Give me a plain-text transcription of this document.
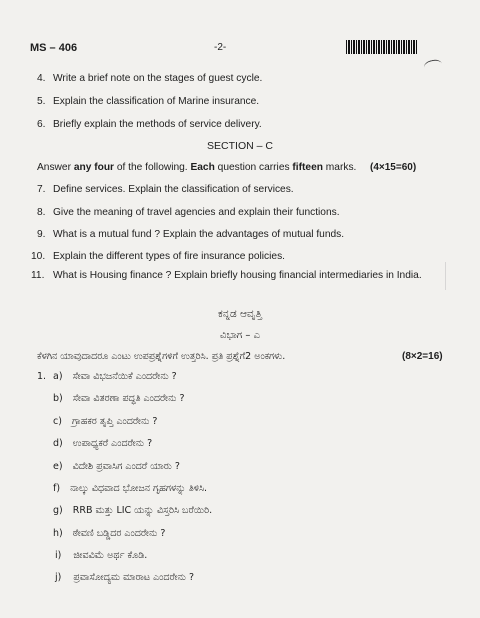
MS – 406	-2-
4. Write a brief note on the stages of guest cycle.
5. Explain the classification of Marine insurance.
6. Briefly explain the methods of service delivery.
SECTION – C
Answer any four of the following. Each question carries fifteen marks. (4×15=60)
7. Define services. Explain the classification of services.
8. Give the meaning of travel agencies and explain their functions.
9. What is a mutual fund ? Explain the advantages of mutual funds.
10. Explain the different types of fire insurance policies.
11. What is Housing finance ? Explain briefly housing financial intermediaries in India.
ಕನ್ನಡ ಆವೃತ್ತಿ
ವಿಭಾಗ – ಎ
ಕೆಳಗಿನ ಯಾವುದಾದರೂ ಎಂಟು ಉಪಪ್ರಶ್ನೆಗಳಿಗೆ ಉತ್ತರಿಸಿ. ಪ್ರತಿ ಪ್ರಶ್ನೆಗೆ2 ಅಂಕಗಳು.	(8×2=16)
1. a) ಸೇವಾ ವಿಭಜನೆಯಿಕೆ ಎಂದರೇನು ?
b) ಸೇವಾ ವಿತರಣಾ ಪದ್ಧತಿ ಎಂದರೇನು ?
c) ಗ್ರಾಹಕರ ತೃಪ್ತಿ ಎಂದರೇನು ?
d) ಉಪಾಧ್ಯಕರೆ ಎಂದರೇನು ?
e) ವಿದೇಶಿ ಪ್ರವಾಸಿಗ ಎಂದರೆ ಯಾರು ?
f) ನಾಲ್ಕು ವಿಧವಾದ ಭೋಜನ ಗೃಹಗಳನ್ನು ತಿಳಿಸಿ.
g) RRB ಮತ್ತು LIC ಯನ್ನು ವಿಸ್ತರಿಸಿ ಬರೆಯಿರಿ.
h) ಠೇವಣಿ ಬಡ್ಡಿದರ ಎಂದರೇನು ?
i) ಜೀವವಿಮೆ ಅರ್ಥ ಕೊಡಿ.
j) ಪ್ರವಾಸೋದ್ಯಮ ಮಾರಾಟ ಎಂದರೇನು ?
